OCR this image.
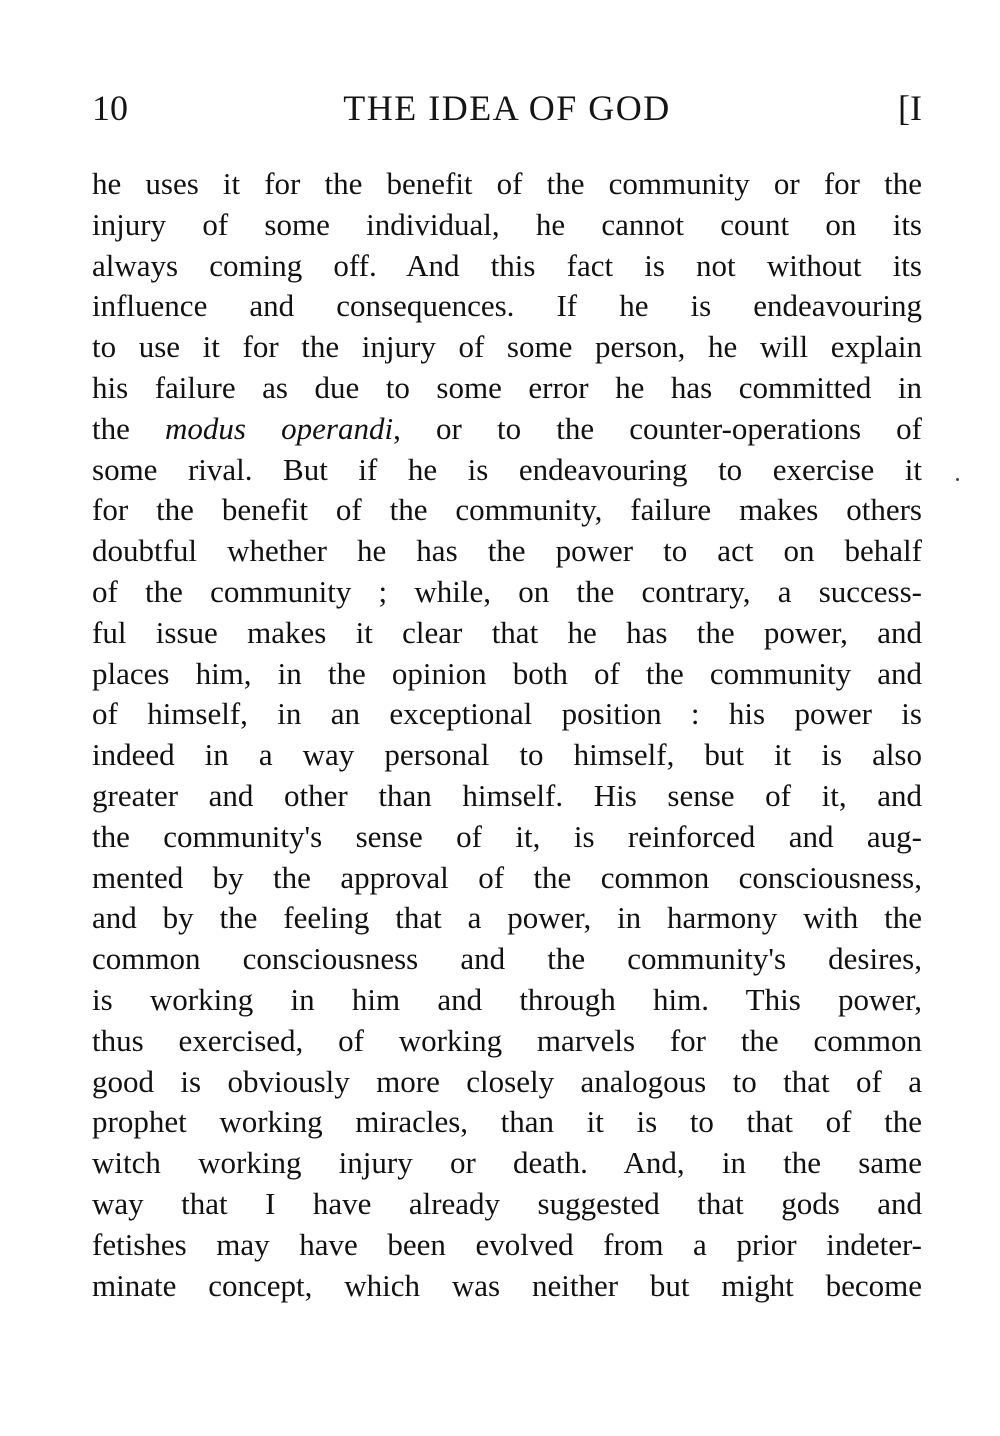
10	THE IDEA OF GOD	[I
he uses it for the benefit of the community or for the
injury of some individual, he cannot count on its
always coming off. And this fact is not without its
influence and consequences. If he is endeavouring
to use it for the injury of some person, he will explain
his failure as due to some error he has committed in
the modus operandi, or to the counter-operations of
some rival. But if he is endeavouring to exercise it
for the benefit of the community, failure makes others
doubtful whether he has the power to act on behalf
of the community ; while, on the contrary, a success-
ful issue makes it clear that he has the power, and
places him, in the opinion both of the community and
of himself, in an exceptional position : his power is
indeed in a way personal to himself, but it is also
greater and other than himself. His sense of it, and
the community's sense of it, is reinforced and aug-
mented by the approval of the common consciousness,
and by the feeling that a power, in harmony with the
common consciousness and the community's desires,
is working in him and through him. This power,
thus exercised, of working marvels for the common
good is obviously more closely analogous to that of a
prophet working miracles, than it is to that of the
witch working injury or death. And, in the same
way that I have already suggested that gods and
fetishes may have been evolved from a prior indeter-
minate concept, which was neither but might become
